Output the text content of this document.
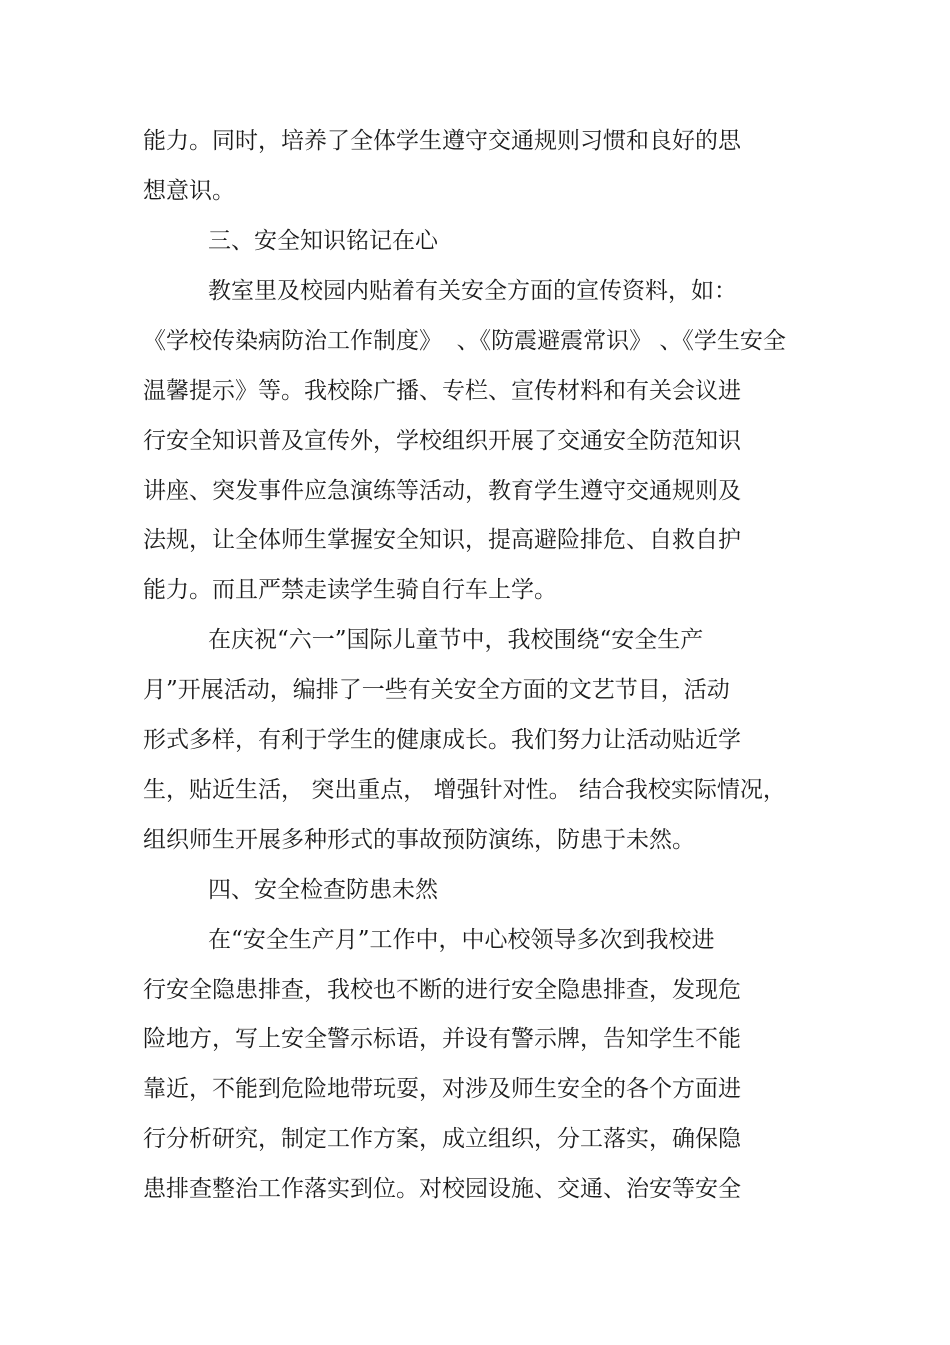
能力。同时，培养了全体学生遵守交通规则习惯和良好的思
想意识。
三、安全知识铭记在心
教室里及校园内贴着有关安全方面的宣传资料，如：
《学校传染病防治工作制度》  、《防震避震常识》 、《学生安全
温馨提示》等。我校除广播、专栏、宣传材料和有关会议进
行安全知识普及宣传外，学校组织开展了交通安全防范知识
讲座、突发事件应急演练等活动，教育学生遵守交通规则及
法规，让全体师生掌握安全知识，提高避险排危、自救自护
能力。而且严禁走读学生骑自行车上学。
在庆祝“六一”国际儿童节中，我校围绕“安全生产
月”开展活动，编排了一些有关安全方面的文艺节目，活动
形式多样，有利于学生的健康成长。我们努力让活动贴近学
生，贴近生活， 突出重点， 增强针对性。 结合我校实际情况，
组织师生开展多种形式的事故预防演练，防患于未然。
四、安全检查防患未然
在“安全生产月”工作中，中心校领导多次到我校进
行安全隐患排查，我校也不断的进行安全隐患排查，发现危
险地方，写上安全警示标语，并设有警示牌，告知学生不能
靠近，不能到危险地带玩耍，对涉及师生安全的各个方面进
行分析研究，制定工作方案，成立组织，分工落实，确保隐
患排查整治工作落实到位。对校园设施、交通、治安等安全
